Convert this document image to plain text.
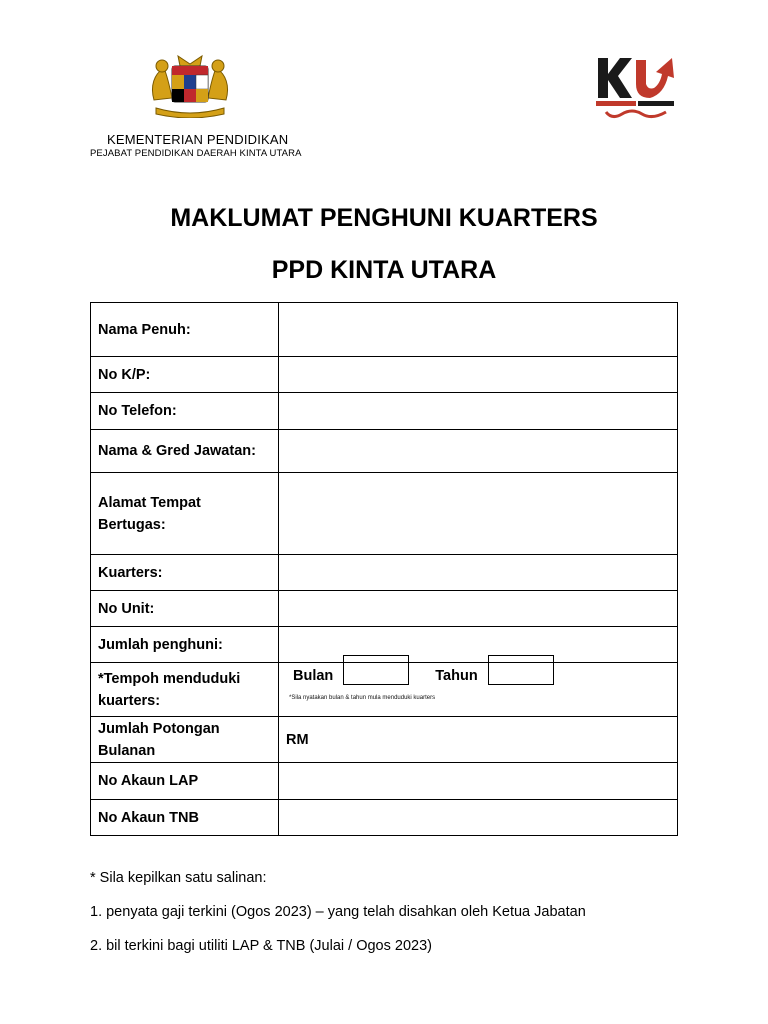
KEMENTERIAN PENDIDIKAN
PEJABAT PENDIDIKAN DAERAH KINTA UTARA
MAKLUMAT PENGHUNI KUARTERS
PPD KINTA UTARA
Nama Penuh:	
No K/P:	
No Telefon:	
Nama & Gred Jawatan:	
Alamat Tempat Bertugas:	
Kuarters:	
No Unit:	
Jumlah penghuni:	
*Tempoh menduduki kuarters:	Bulan Tahun
*Sila nyatakan bulan & tahun mula menduduki kuarters

Jumlah Potongan Bulanan	RM
No Akaun LAP	
No Akaun TNB	
* Sila kepilkan satu salinan:
1. penyata gaji terkini (Ogos 2023) – yang telah disahkan oleh Ketua Jabatan
2. bil terkini bagi utiliti LAP & TNB (Julai / Ogos 2023)
